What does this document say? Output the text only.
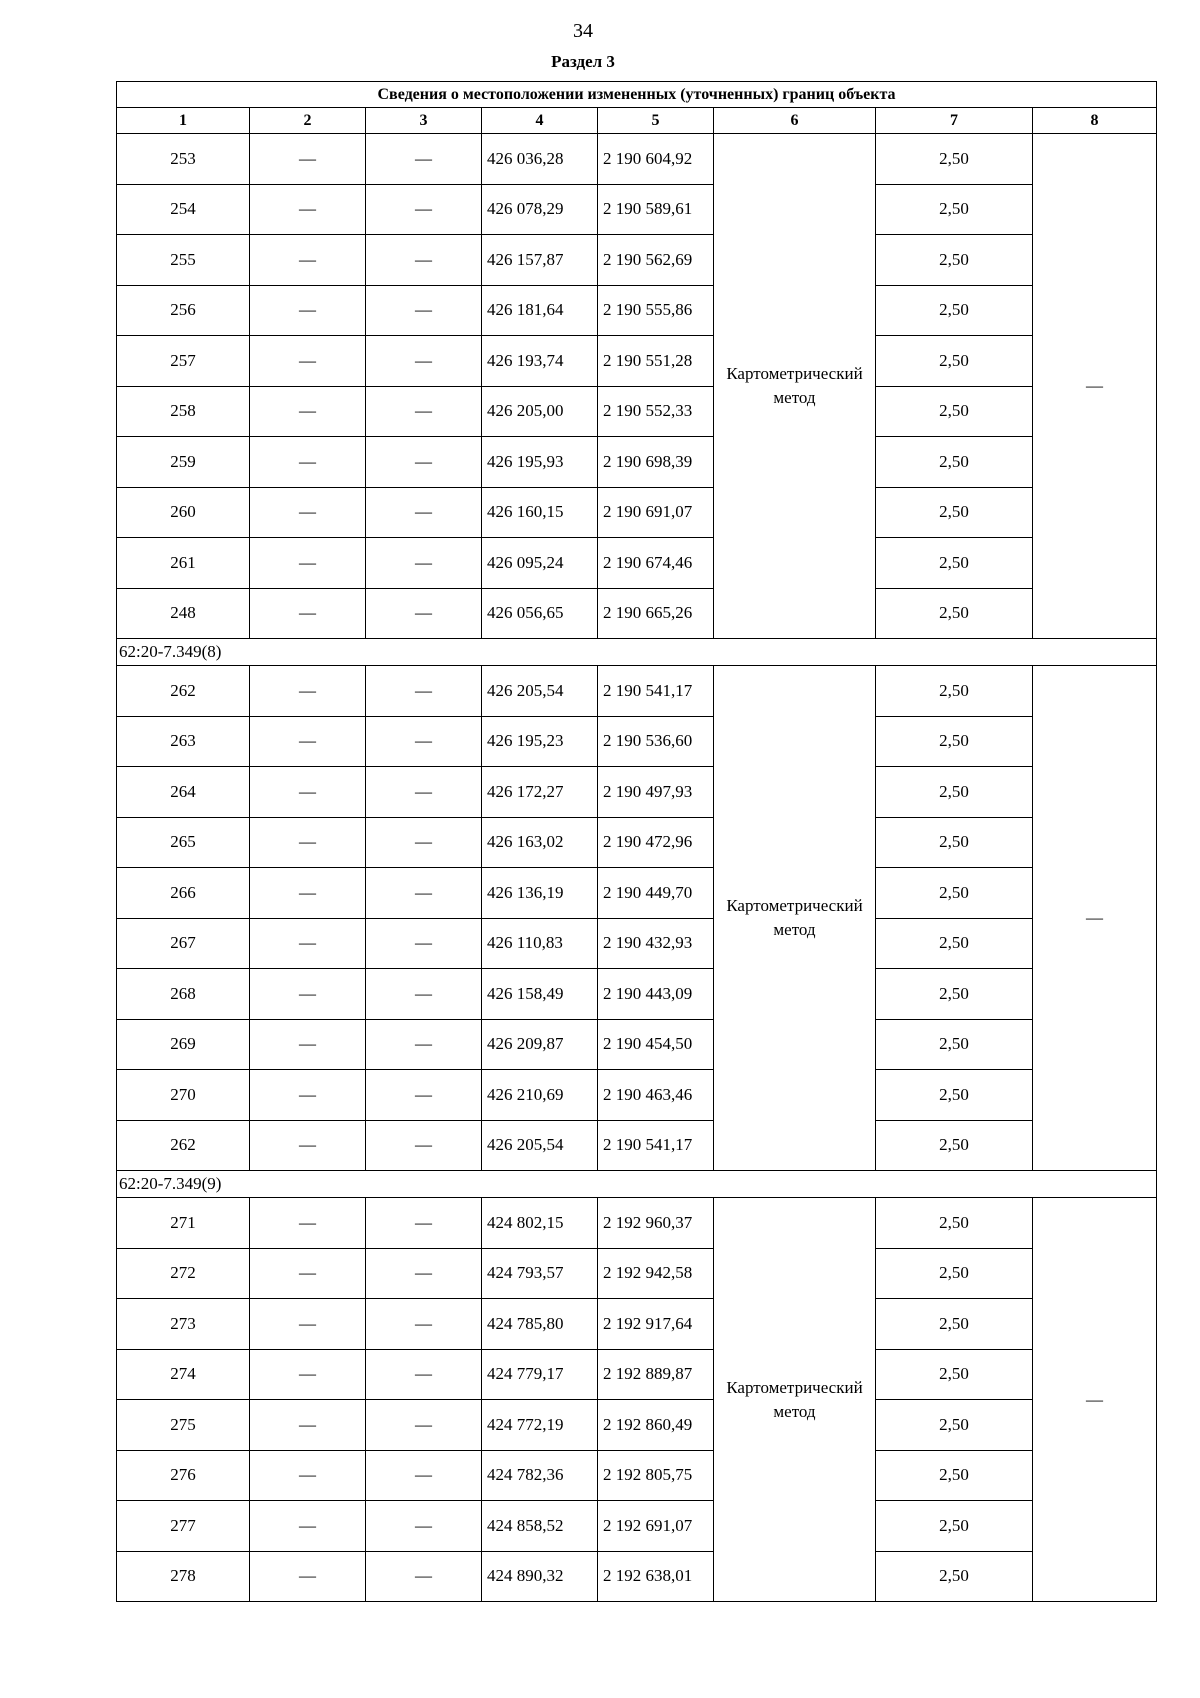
34
Раздел 3
Сведения о местоположении измененных (уточненных) границ объекта							
1	2	3	4	5	6	7	8
253	—	—	426 036,28	2 190 604,92	Картометрический метод	2,50	—
254	—	—	426 078,29	2 190 589,61		2,50	
255	—	—	426 157,87	2 190 562,69		2,50	
256	—	—	426 181,64	2 190 555,86		2,50	
257	—	—	426 193,74	2 190 551,28		2,50	
258	—	—	426 205,00	2 190 552,33		2,50	
259	—	—	426 195,93	2 190 698,39		2,50	
260	—	—	426 160,15	2 190 691,07		2,50	
261	—	—	426 095,24	2 190 674,46		2,50	
248	—	—	426 056,65	2 190 665,26		2,50	
62:20-7.349(8)							
262	—	—	426 205,54	2 190 541,17	Картометрический метод	2,50	—
263	—	—	426 195,23	2 190 536,60		2,50	
264	—	—	426 172,27	2 190 497,93		2,50	
265	—	—	426 163,02	2 190 472,96		2,50	
266	—	—	426 136,19	2 190 449,70		2,50	
267	—	—	426 110,83	2 190 432,93		2,50	
268	—	—	426 158,49	2 190 443,09		2,50	
269	—	—	426 209,87	2 190 454,50		2,50	
270	—	—	426 210,69	2 190 463,46		2,50	
262	—	—	426 205,54	2 190 541,17		2,50	
62:20-7.349(9)							
271	—	—	424 802,15	2 192 960,37	Картометрический метод	2,50	—
272	—	—	424 793,57	2 192 942,58		2,50	
273	—	—	424 785,80	2 192 917,64		2,50	
274	—	—	424 779,17	2 192 889,87		2,50	
275	—	—	424 772,19	2 192 860,49		2,50	
276	—	—	424 782,36	2 192 805,75		2,50	
277	—	—	424 858,52	2 192 691,07		2,50	
278	—	—	424 890,32	2 192 638,01		2,50	
